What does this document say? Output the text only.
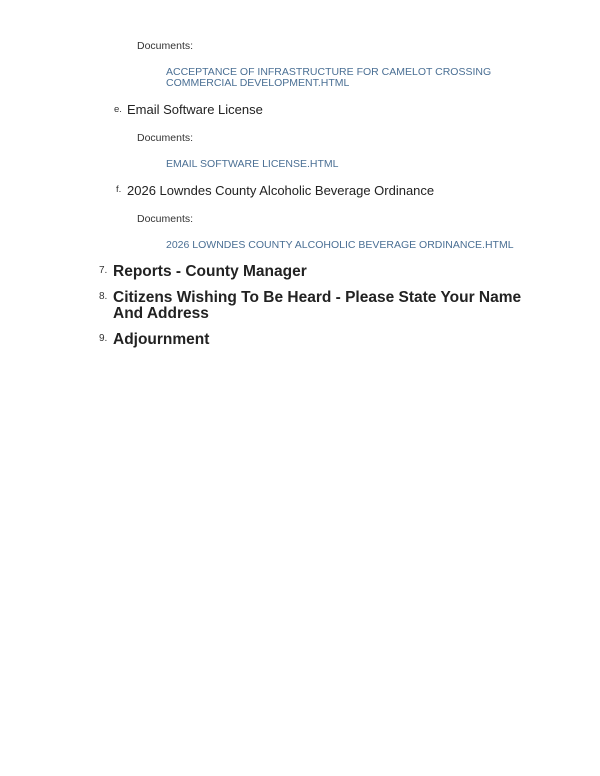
Documents:
ACCEPTANCE OF INFRASTRUCTURE FOR CAMELOT CROSSING
COMMERCIAL DEVELOPMENT.HTML
e. Email Software License
Documents:
EMAIL SOFTWARE LICENSE.HTML
f. 2026 Lowndes County Alcoholic Beverage Ordinance
Documents:
2026 LOWNDES COUNTY ALCOHOLIC BEVERAGE ORDINANCE.HTML
7. Reports - County Manager
8. Citizens Wishing To Be Heard - Please State Your Name
And Address
9. Adjournment
